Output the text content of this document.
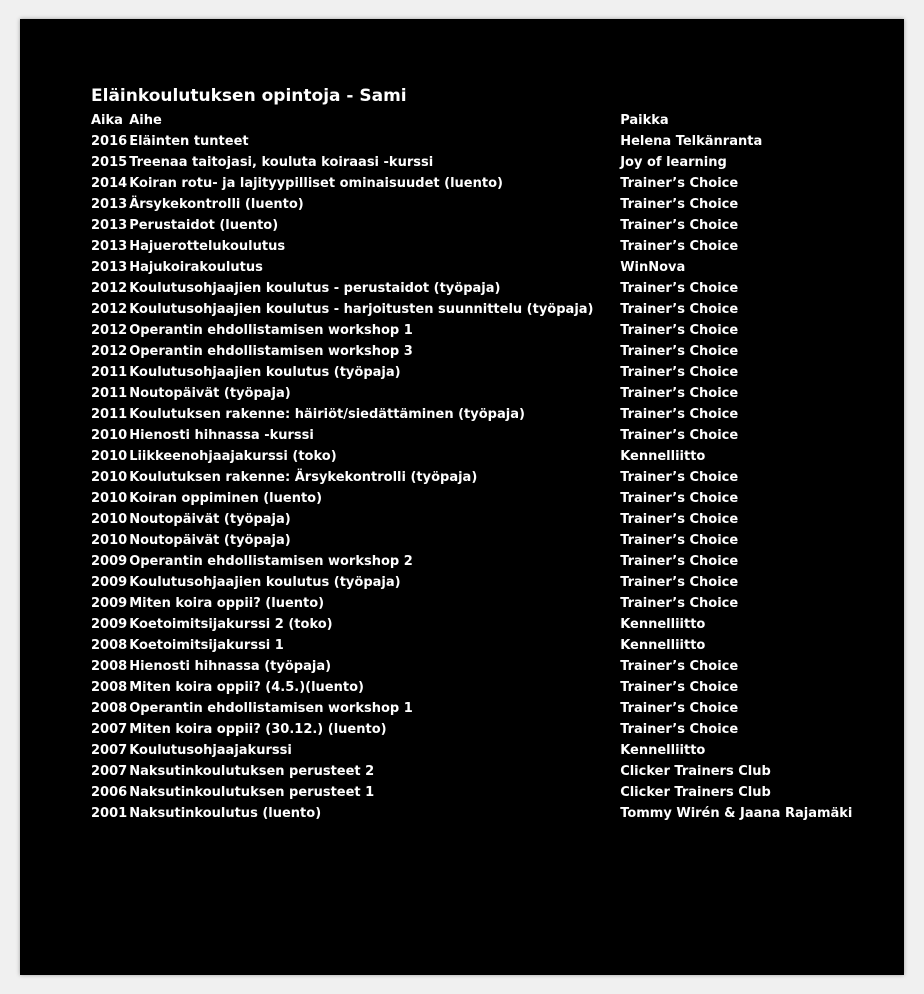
Eläinkoulutuksen opintoja - Sami
Aika	Aihe	Paikka
2016	Eläinten tunteet	Helena Telkänranta
2015	Treenaa taitojasi, kouluta koiraasi -kurssi	Joy of learning
2014	Koiran rotu- ja lajityypilliset ominaisuudet (luento)	Trainer’s Choice
2013	Ärsykekontrolli (luento)	Trainer’s Choice
2013	Perustaidot (luento)	Trainer’s Choice
2013	Hajuerottelukoulutus	Trainer’s Choice
2013	Hajukoirakoulutus	WinNova
2012	Koulutusohjaajien koulutus - perustaidot (työpaja)	Trainer’s Choice
2012	Koulutusohjaajien koulutus - harjoitusten suunnittelu (työpaja)	Trainer’s Choice
2012	Operantin ehdollistamisen workshop 1	Trainer’s Choice
2012	Operantin ehdollistamisen workshop 3	Trainer’s Choice
2011	Koulutusohjaajien koulutus (työpaja)	Trainer’s Choice
2011	Noutopäivät (työpaja)	Trainer’s Choice
2011	Koulutuksen rakenne: häiriöt/siedättäminen (työpaja)	Trainer’s Choice
2010	Hienosti hihnassa -kurssi	Trainer’s Choice
2010	Liikkeenohjaajakurssi (toko)	Kennelliitto
2010	Koulutuksen rakenne: Ärsykekontrolli (työpaja)	Trainer’s Choice
2010	Koiran oppiminen (luento)	Trainer’s Choice
2010	Noutopäivät (työpaja)	Trainer’s Choice
2010	Noutopäivät (työpaja)	Trainer’s Choice
2009	Operantin ehdollistamisen workshop 2	Trainer’s Choice
2009	Koulutusohjaajien koulutus (työpaja)	Trainer’s Choice
2009	Miten koira oppii? (luento)	Trainer’s Choice
2009	Koetoimitsijakurssi 2 (toko)	Kennelliitto
2008	Koetoimitsijakurssi 1	Kennelliitto
2008	Hienosti hihnassa (työpaja)	Trainer’s Choice
2008	Miten koira oppii? (4.5.)(luento)	Trainer’s Choice
2008	Operantin ehdollistamisen workshop 1	Trainer’s Choice
2007	Miten koira oppii? (30.12.) (luento)	Trainer’s Choice
2007	Koulutusohjaajakurssi	Kennelliitto
2007	Naksutinkoulutuksen perusteet 2	Clicker Trainers Club
2006	Naksutinkoulutuksen perusteet 1	Clicker Trainers Club
2001	Naksutinkoulutus (luento)	Tommy Wirén & Jaana Rajamäki
